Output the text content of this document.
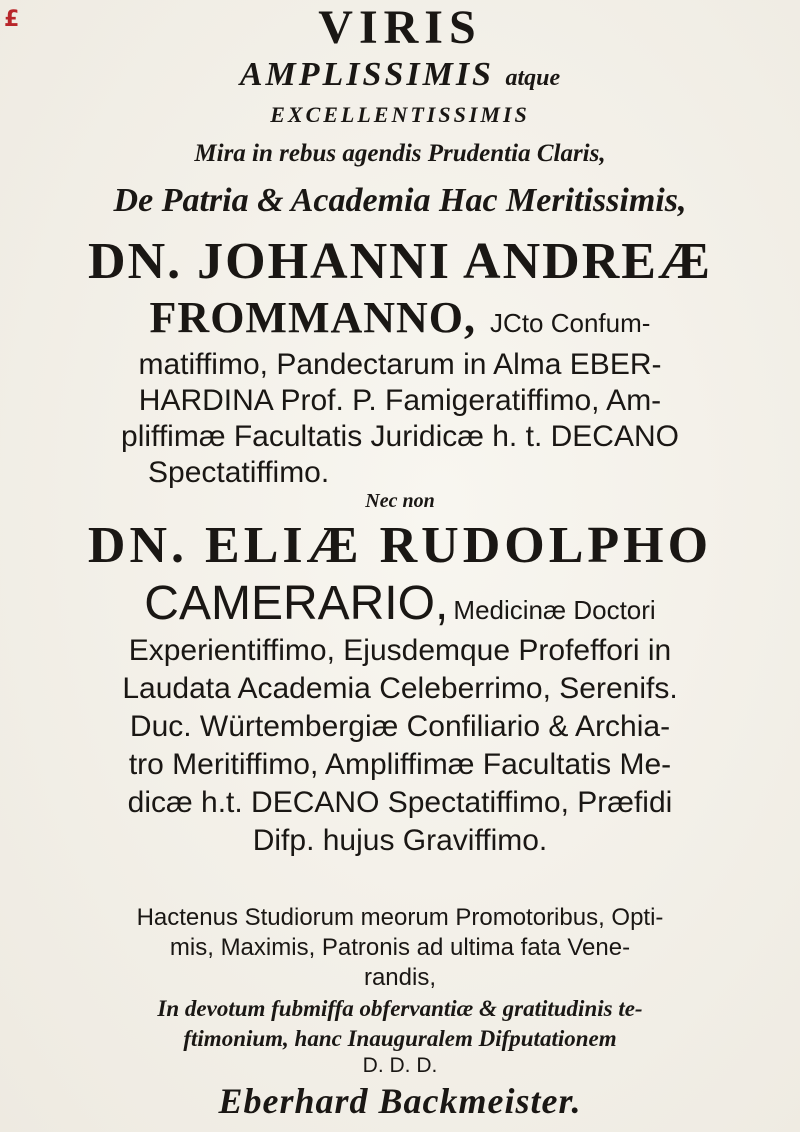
£	VIRIS
AMPLISSIMIS atque
EXCELLENTISSIMIS
Mira in rebus agendis Prudentia Claris,
De Patria & Academia Hac Meritissimis,
DN. JOHANNI ANDREÆ
FROMMANNO, JCto Confum-
matiffimo, Pandectarum in Alma EBER-
HARDINA Prof. P. Famigeratiffimo, Am-
pliffimæ Facultatis Juridicæ h. t. DECANO
Spectatiffimo.
Nec non
DN. ELIÆ RUDOLPHO
CAMERARIO, Medicinæ Doctori
Experientiffimo, Ejusdemque Profeffori in
Laudata Academia Celeberrimo, Serenifs.
Duc. Würtembergiæ Confiliario & Archia-
tro Meritiffimo, Ampliffimæ Facultatis Me-
dicæ h.t. DECANO Spectatiffimo, Præfidi
Difp. hujus Graviffimo.
Hactenus Studiorum meorum Promotoribus, Opti-
mis, Maximis, Patronis ad ultima fata Vene-
randis,
In devotum fubmiffa obfervantiæ & gratitudinis te-
ftimonium, hanc Inauguralem Difputationem
D. D. D.
Eberhard Backmeister.
